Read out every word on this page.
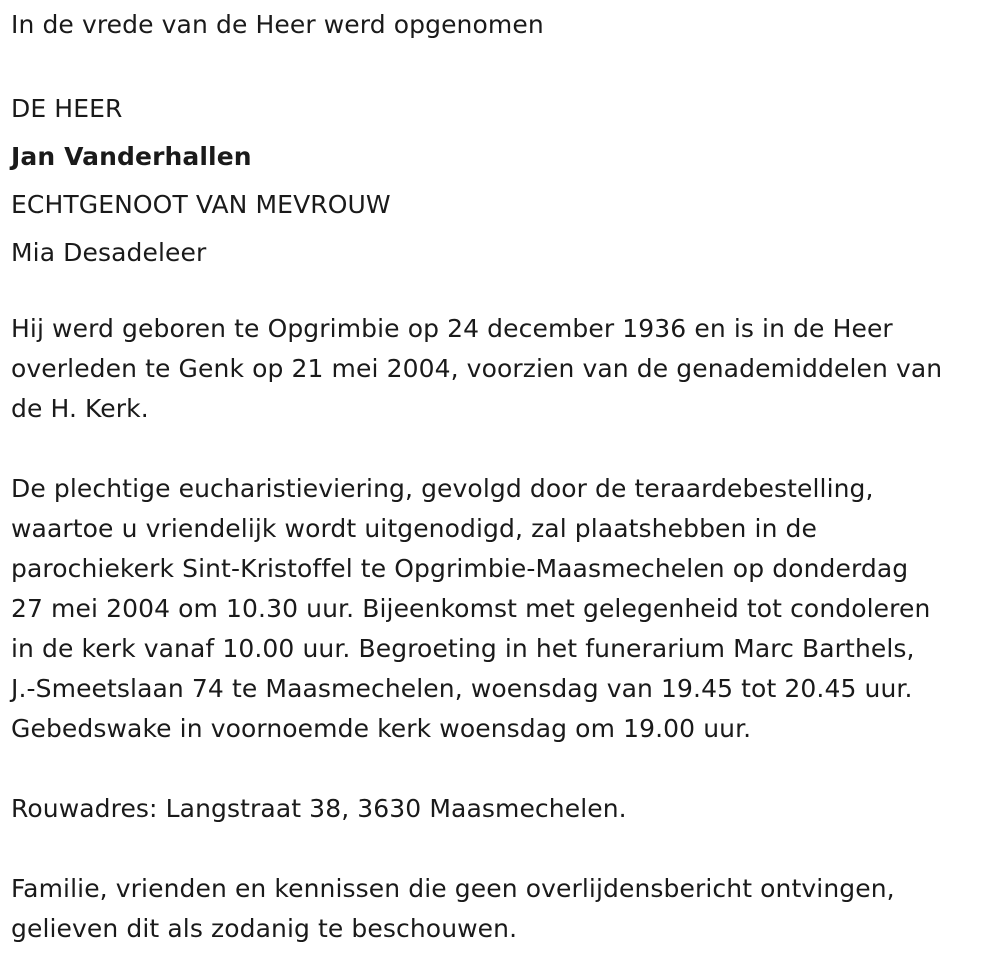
In de vrede van de Heer werd opgenomen

DE HEER

Jan Vanderhallen

ECHTGENOOT VAN MEVROUW

Mia Desadeleer

Hij werd geboren te Opgrimbie op 24 december 1936 en is in de Heer

overleden te Genk op 21 mei 2004, voorzien van de genademiddelen van

de H. Kerk.

De plechtige eucharistieviering, gevolgd door de teraardebestelling,

waartoe u vriendelijk wordt uitgenodigd, zal plaatshebben in de

parochiekerk Sint-Kristoffel te Opgrimbie-Maasmechelen op donderdag

27 mei 2004 om 10.30 uur. Bijeenkomst met gelegenheid tot condoleren

in de kerk vanaf 10.00 uur. Begroeting in het funerarium Marc Barthels,

J.-Smeetslaan 74 te Maasmechelen, woensdag van 19.45 tot 20.45 uur.

Gebedswake in voornoemde kerk woensdag om 19.00 uur.

Rouwadres: Langstraat 38, 3630 Maasmechelen.

Familie, vrienden en kennissen die geen overlijdensbericht ontvingen,

gelieven dit als zodanig te beschouwen.
